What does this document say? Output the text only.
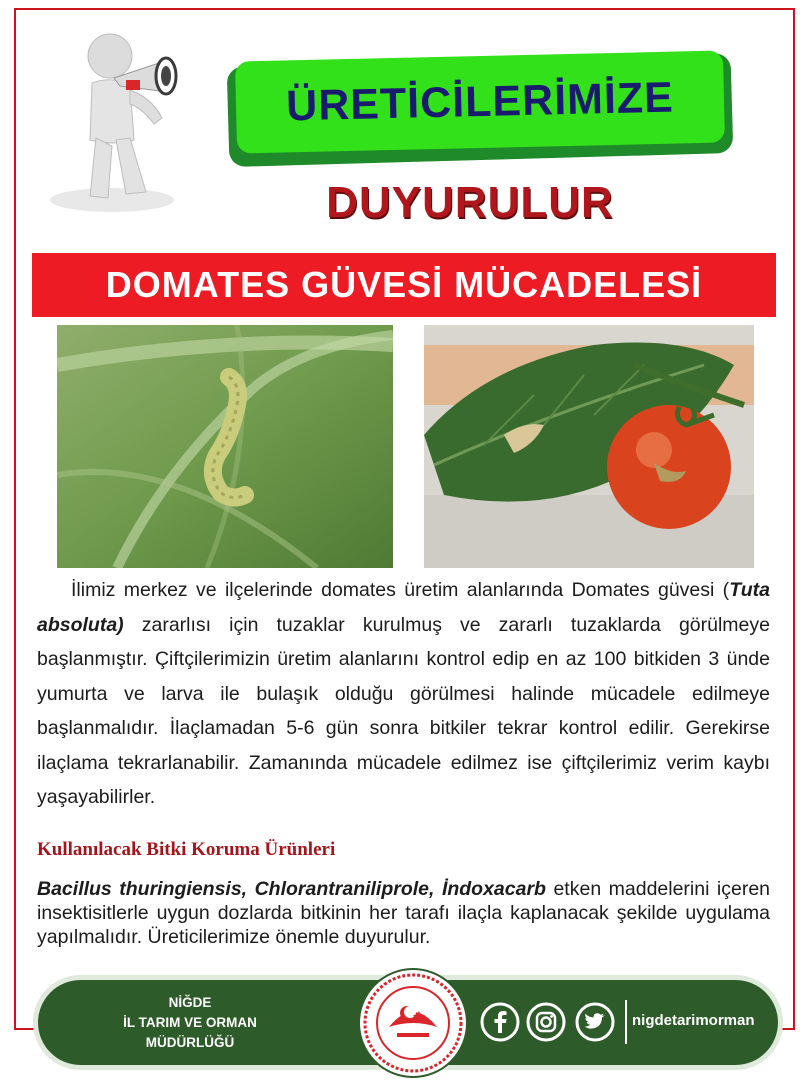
ÜRETİCİLERİMİZE
DUYURULUR
DOMATES GÜVESİ MÜCADELESİ
İlimiz merkez ve ilçelerinde domates üretim alanlarında Domates güvesi (Tuta absoluta) zararlısı için tuzaklar kurulmuş ve zararlı tuzaklarda görülmeye başlanmıştır. Çiftçilerimizin üretim alanlarını kontrol edip en az 100 bitkiden 3 ünde yumurta ve larva ile bulaşık olduğu görülmesi halinde mücadele edilmeye başlanmalıdır. İlaçlamadan 5-6 gün sonra bitkiler tekrar kontrol edilir. Gerekirse ilaçlama tekrarlanabilir. Zamanında mücadele edilmez ise çiftçilerimiz verim kaybı yaşayabilirler.
Kullanılacak Bitki Koruma Ürünleri
Bacillus thuringiensis, Chlorantraniliprole, İndoxacarb etken maddelerini içeren insektisitlerle uygun dozlarda bitkinin her tarafı ilaçla kaplanacak şekilde uygulama yapılmalıdır. Üreticilerimize önemle duyurulur.
NİĞDE
İL TARIM VE ORMAN
MÜDÜRLÜĞÜ
nigdetarimorman
